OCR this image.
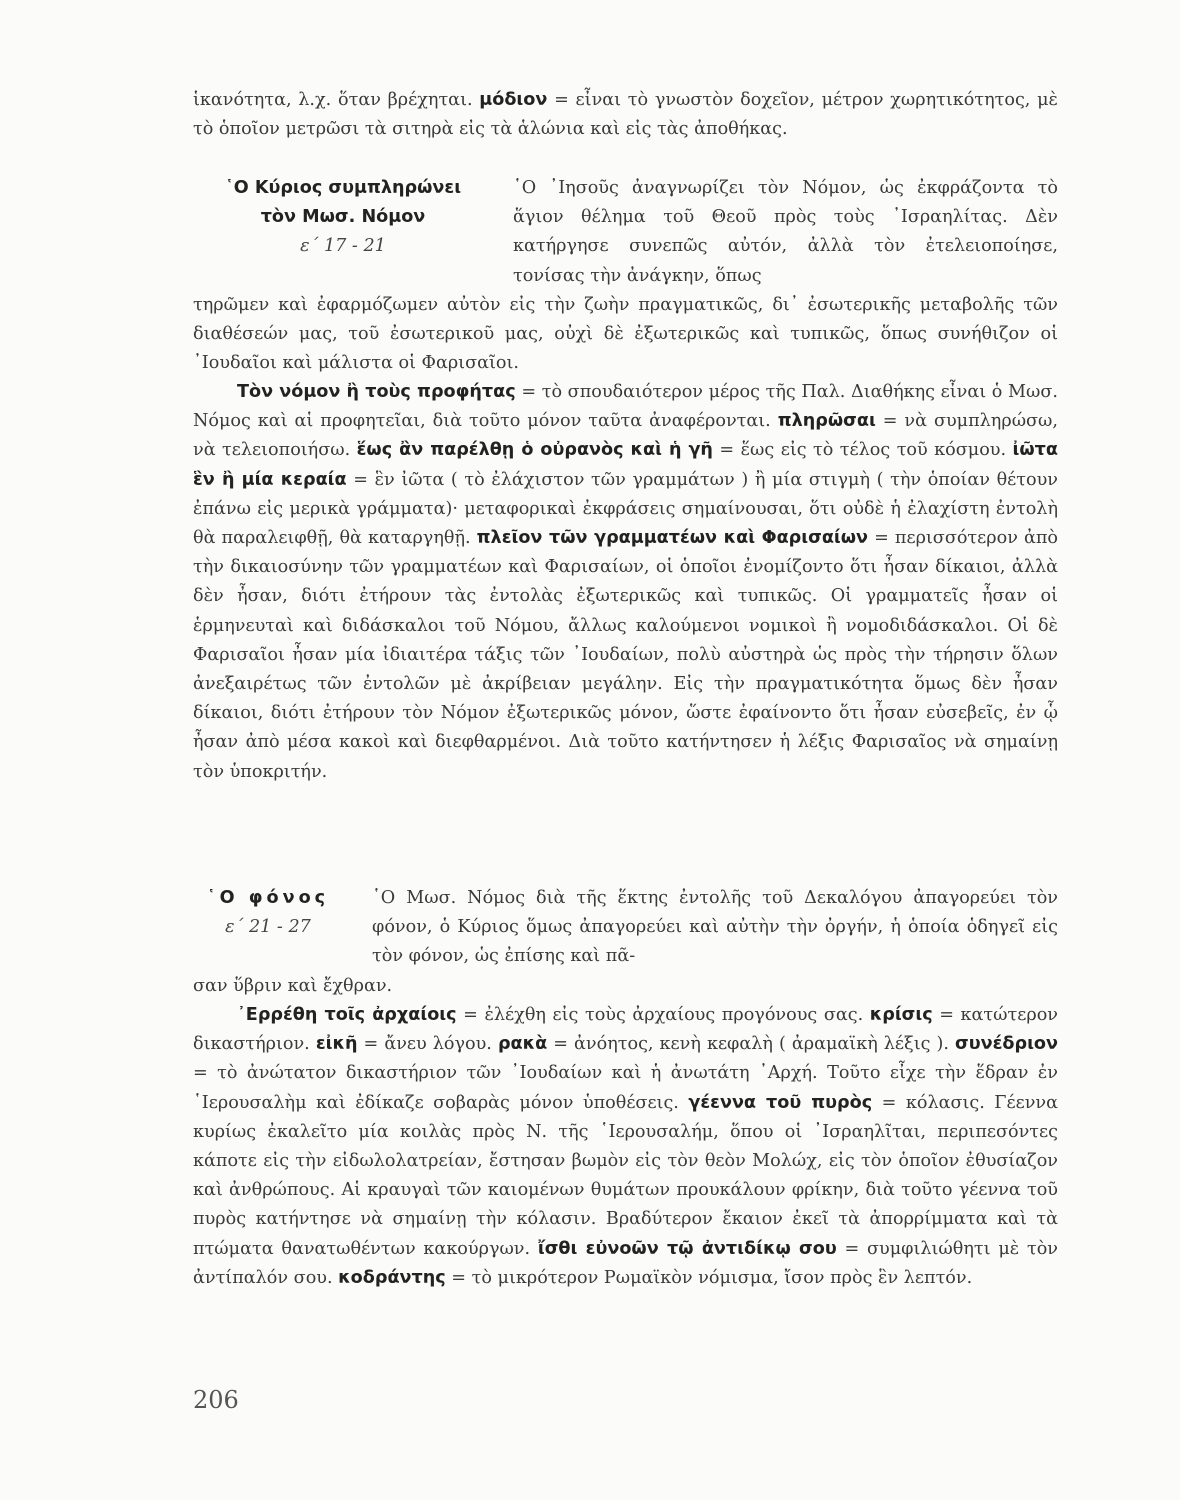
ἱκανότητα, λ.χ. ὅταν βρέχηται. μόδιον = εἶναι τὸ γνωστὸν δοχεῖον, μέτρον χωρητικότητος, μὲ τὸ ὁποῖον μετρῶσι τὰ σιτηρὰ εἰς τὰ ἁλώνια καὶ εἰς τὰς ἀποθήκας.

῾Ο Κύριος συμπληρώνει
τὸν Μωσ. Νόμον
ε΄ 17 - 21

῾Ο ᾿Ιησοῦς ἀναγνωρίζει τὸν Νόμον, ὡς ἐκφράζοντα τὸ ἅγιον θέλημα τοῦ Θεοῦ πρὸς τοὺς ᾿Ισραηλίτας. Δὲν κατήργησε συνεπῶς αὐτόν, ἀλλὰ τὸν ἐτελειοποίησε, τονίσας τὴν ἀνάγκην, ὅπως

τηρῶμεν καὶ ἐφαρμόζωμεν αὐτὸν εἰς τὴν ζωὴν πραγματικῶς, δι᾿ ἐσωτερικῆς μεταβολῆς τῶν διαθέσεών μας, τοῦ ἐσωτερικοῦ μας, οὐχὶ δὲ ἐξωτερικῶς καὶ τυπικῶς, ὅπως συνήθιζον οἱ ᾿Ιουδαῖοι καὶ μάλιστα οἱ Φαρισαῖοι.

Τὸν νόμον ἢ τοὺς προφήτας = τὸ σπουδαιότερον μέρος τῆς Παλ. Διαθήκης εἶναι ὁ Μωσ. Νόμος καὶ αἱ προφητεῖαι, διὰ τοῦτο μόνον ταῦτα ἀναφέρονται. πληρῶσαι = νὰ συμπληρώσω, νὰ τελειοποιήσω. ἕως ἂν παρέλθῃ ὁ οὐρανὸς καὶ ἡ γῆ = ἕως εἰς τὸ τέλος τοῦ κόσμου. ἰῶτα ἓν ἢ μία κεραία = ἓν ἰῶτα ( τὸ ἐλάχιστον τῶν γραμμάτων ) ἢ μία στιγμὴ ( τὴν ὁποίαν θέτουν ἐπάνω εἰς μερικὰ γράμματα)· μεταφορικαὶ ἐκφράσεις σημαίνουσαι, ὅτι οὐδὲ ἡ ἐλαχίστη ἐντολὴ θὰ παραλειφθῇ, θὰ καταργηθῇ. πλεῖον τῶν γραμματέων καὶ Φαρισαίων = περισσότερον ἀπὸ τὴν δικαιοσύνην τῶν γραμματέων καὶ Φαρισαίων, οἱ ὁποῖοι ἐνομίζοντο ὅτι ἦσαν δίκαιοι, ἀλλὰ δὲν ἦσαν, διότι ἐτήρουν τὰς ἐντολὰς ἐξωτερικῶς καὶ τυπικῶς. Οἱ γραμματεῖς ἦσαν οἱ ἑρμηνευταὶ καὶ διδάσκαλοι τοῦ Νόμου, ἄλλως καλούμενοι νομικοὶ ἢ νομοδιδάσκαλοι. Οἱ δὲ Φαρισαῖοι ἦσαν μία ἰδιαιτέρα τάξις τῶν ᾿Ιουδαίων, πολὺ αὐστηρὰ ὡς πρὸς τὴν τήρησιν ὅλων ἀνεξαιρέτως τῶν ἐντολῶν μὲ ἀκρίβειαν μεγάλην. Εἰς τὴν πραγματικότητα ὅμως δὲν ἦσαν δίκαιοι, διότι ἐτήρουν τὸν Νόμον ἐξωτερικῶς μόνον, ὥστε ἐφαίνοντο ὅτι ἦσαν εὐσεβεῖς, ἐν ᾧ ἦσαν ἀπὸ μέσα κακοὶ καὶ διεφθαρμένοι. Διὰ τοῦτο κατήντησεν ἡ λέξις Φαρισαῖος νὰ σημαίνῃ τὸν ὑποκριτήν.

῾Ο φόνος
ε΄ 21 - 27

῾Ο Μωσ. Νόμος διὰ τῆς ἕκτης ἐντολῆς τοῦ Δεκαλόγου ἀπαγορεύει τὸν φόνον, ὁ Κύριος ὅμως ἀπαγορεύει καὶ αὐτὴν τὴν ὀργήν, ἡ ὁποία ὁδηγεῖ εἰς τὸν φόνον, ὡς ἐπίσης καὶ πᾶ-

σαν ὕβριν καὶ ἔχθραν.

᾿Ερρέθη τοῖς ἀρχαίοις = ἐλέχθη εἰς τοὺς ἀρχαίους προγόνους σας. κρίσις = κατώτερον δικαστήριον. εἰκῆ = ἄνευ λόγου. ρακὰ = ἀνόητος, κενὴ κεφαλὴ ( ἀραμαϊκὴ λέξις ). συνέδριον = τὸ ἀνώτατον δικαστήριον τῶν ᾿Ιουδαίων καὶ ἡ ἀνωτάτη ᾿Αρχή. Τοῦτο εἶχε τὴν ἕδραν ἐν ῾Ιερουσαλὴμ καὶ ἐδίκαζε σοβαρὰς μόνον ὑποθέσεις. γέεννα τοῦ πυρὸς = κόλασις. Γέεννα κυρίως ἐκαλεῖτο μία κοιλὰς πρὸς Ν. τῆς ῾Ιερουσαλήμ, ὅπου οἱ ᾿Ισραηλῖται, περιπεσόντες κάποτε εἰς τὴν εἰδωλολατρείαν, ἔστησαν βωμὸν εἰς τὸν θεὸν Μολώχ, εἰς τὸν ὁποῖον ἐθυσίαζον καὶ ἀνθρώπους. Αἱ κραυγαὶ τῶν καιομένων θυμάτων προυκάλουν φρίκην, διὰ τοῦτο γέεννα τοῦ πυρὸς κατήντησε νὰ σημαίνῃ τὴν κόλασιν. Βραδύτερον ἔκαιον ἐκεῖ τὰ ἀπορρίμματα καὶ τὰ πτώματα θανατωθέντων κακούργων. ἴσθι εὐνοῶν τῷ ἀντιδίκῳ σου = συμφιλιώθητι μὲ τὸν ἀντίπαλόν σου. κοδράντης = τὸ μικρότερον Ρωμαϊκὸν νόμισμα, ἴσον πρὸς ἓν λεπτόν.

206
